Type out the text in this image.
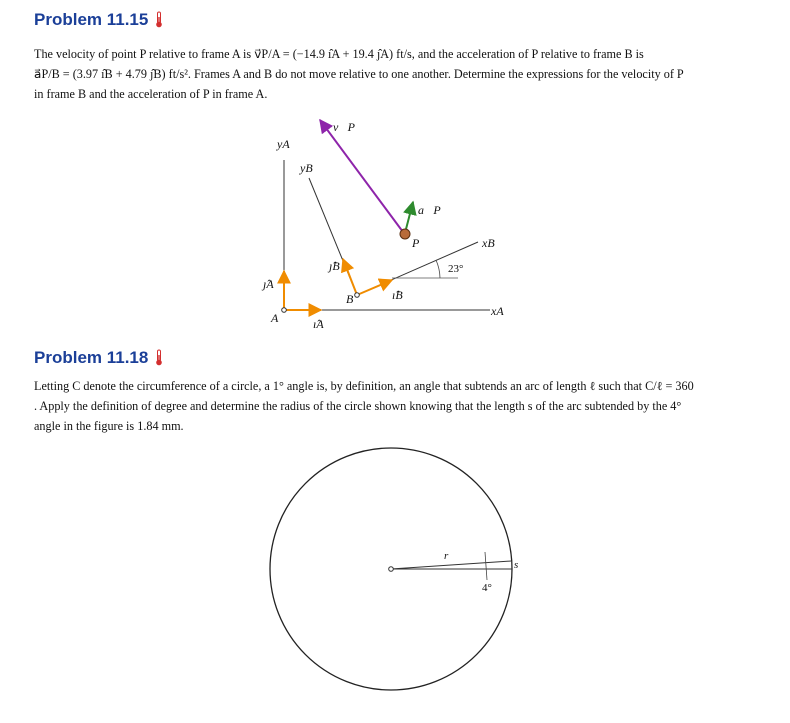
Problem 11.15
The velocity of point P relative to frame A is v⃗P/A = (−14.9 ı̂A + 19.4 ȷ̂A) ft/s, and the acceleration of P relative to frame B is
a⃗P/B = (3.97 ı̂B + 4.79 ȷ̂B) ft/s². Frames A and B do not move relative to one another. Determine the expressions for the velocity of P
in frame B and the acceleration of P in frame A.
23°
v⃗P
a⃗P
P
yA
yB
xB
xA
ȷ̂A
ı̂A
ȷ̂B
ı̂B
A
B
Problem 11.18
Letting C denote the circumference of a circle, a 1° angle is, by definition, an angle that subtends an arc of length ℓ such that C/ℓ = 360
. Apply the definition of degree and determine the radius of the circle shown knowing that the length s of the arc subtended by the 4°
angle in the figure is 1.84 mm.
r
s
4°
